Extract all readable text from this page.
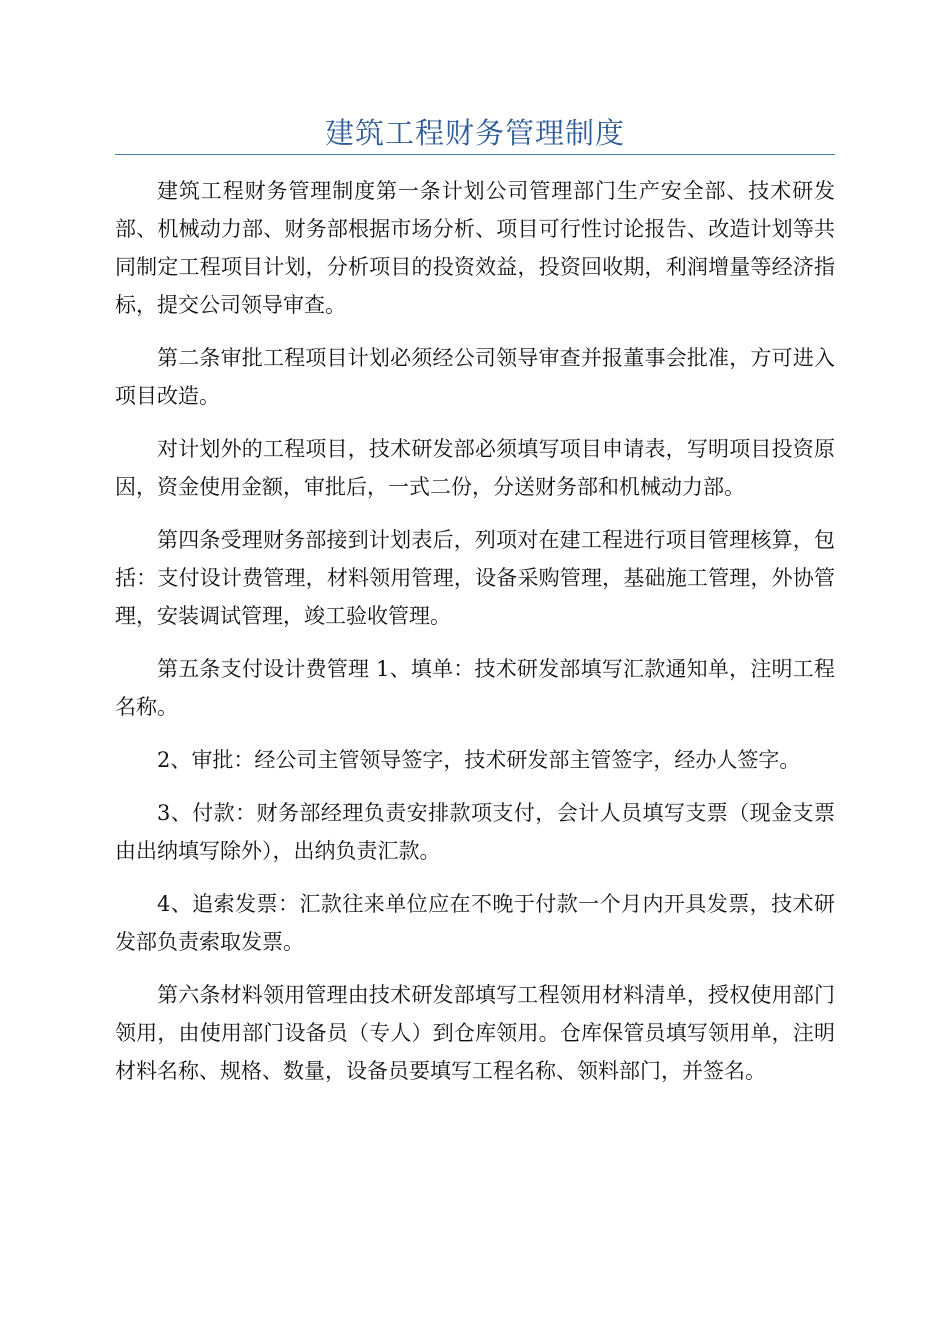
建筑工程财务管理制度

建筑工程财务管理制度第一条计划公司管理部门生产安全部、技术研发部、机械动力部、财务部根据市场分析、项目可行性讨论报告、改造计划等共同制定工程项目计划，分析项目的投资效益，投资回收期，利润增量等经济指标，提交公司领导审查。

第二条审批工程项目计划必须经公司领导审查并报董事会批准，方可进入项目改造。

对计划外的工程项目，技术研发部必须填写项目申请表，写明项目投资原因，资金使用金额，审批后，一式二份，分送财务部和机械动力部。

第四条受理财务部接到计划表后，列项对在建工程进行项目管理核算，包括：支付设计费管理，材料领用管理，设备采购管理，基础施工管理，外协管理，安装调试管理，竣工验收管理。

第五条支付设计费管理 1、填单：技术研发部填写汇款通知单，注明工程名称。

2、审批：经公司主管领导签字，技术研发部主管签字，经办人签字。

3、付款：财务部经理负责安排款项支付，会计人员填写支票（现金支票由出纳填写除外），出纳负责汇款。

4、追索发票：汇款往来单位应在不晚于付款一个月内开具发票，技术研发部负责索取发票。

第六条材料领用管理由技术研发部填写工程领用材料清单，授权使用部门领用，由使用部门设备员（专人）到仓库领用。仓库保管员填写领用单，注明材料名称、规格、数量，设备员要填写工程名称、领料部门，并签名。
